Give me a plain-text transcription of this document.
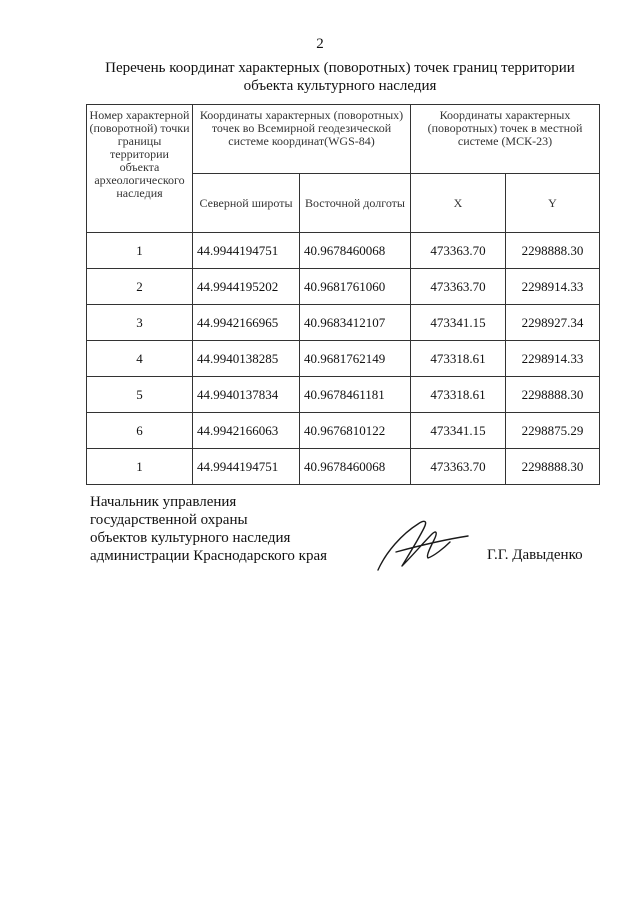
2
Перечень координат характерных (поворотных) точек границ территории объекта культурного наследия
Номер характерной (поворотной) точки границы территории объекта археологического наследия	Координаты характерных (поворотных) точек во Всемирной геодезической системе координат(WGS-84)		Координаты характерных (поворотных) точек в местной системе (МСК-23)	
	Северной широты	Восточной долготы	X	Y
1	44.9944194751	40.9678460068	473363.70	2298888.30
2	44.9944195202	40.9681761060	473363.70	2298914.33
3	44.9942166965	40.9683412107	473341.15	2298927.34
4	44.9940138285	40.9681762149	473318.61	2298914.33
5	44.9940137834	40.9678461181	473318.61	2298888.30
6	44.9942166063	40.9676810122	473341.15	2298875.29
1	44.9944194751	40.9678460068	473363.70	2298888.30
Начальник управления
государственной охраны
объектов культурного наследия
администрации Краснодарского края	Г.Г. Давыденко
